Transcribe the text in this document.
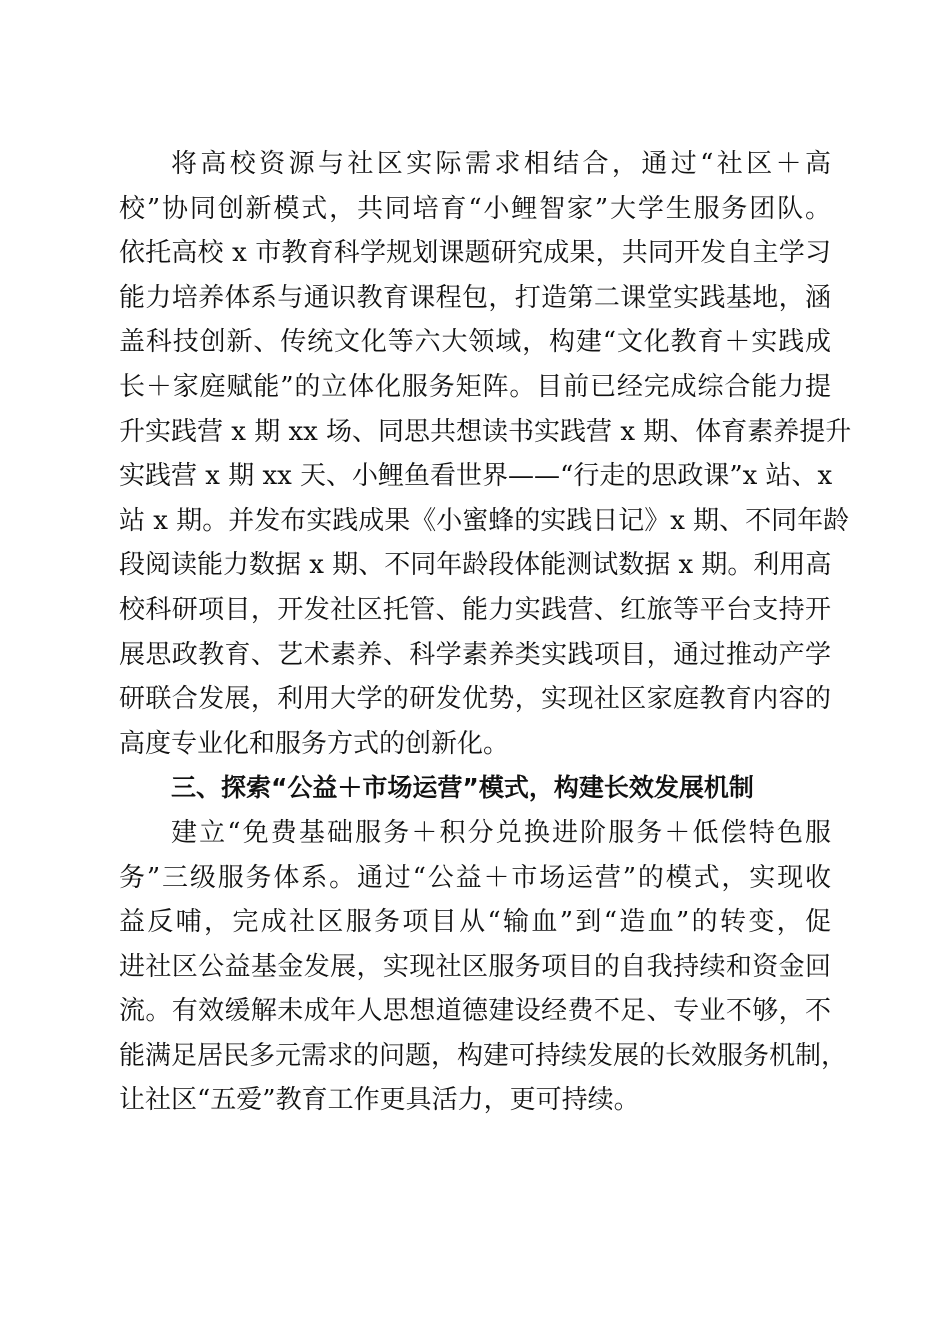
将高校资源与社区实际需求相结合，通过“社区＋高
校”协同创新模式，共同培育“小鲤智家”大学生服务团队。
依托高校 x 市教育科学规划课题研究成果，共同开发自主学习
能力培养体系与通识教育课程包，打造第二课堂实践基地，涵
盖科技创新、传统文化等六大领域，构建“文化教育＋实践成
长＋家庭赋能”的立体化服务矩阵。目前已经完成综合能力提
升实践营 x 期 xx 场、同思共想读书实践营 x 期、体育素养提升
实践营 x 期 xx 天、小鲤鱼看世界——“行走的思政课”x 站、x
站 x 期。并发布实践成果《小蜜蜂的实践日记》x 期、不同年龄
段阅读能力数据 x 期、不同年龄段体能测试数据 x 期。利用高
校科研项目，开发社区托管、能力实践营、红旅等平台支持开
展思政教育、艺术素养、科学素养类实践项目，通过推动产学
研联合发展，利用大学的研发优势，实现社区家庭教育内容的
高度专业化和服务方式的创新化。
三、探索“公益＋市场运营”模式，构建长效发展机制
建立“免费基础服务＋积分兑换进阶服务＋低偿特色服
务”三级服务体系。通过“公益＋市场运营”的模式，实现收
益反哺，完成社区服务项目从“输血”到“造血”的转变，促
进社区公益基金发展，实现社区服务项目的自我持续和资金回
流。有效缓解未成年人思想道德建设经费不足、专业不够，不
能满足居民多元需求的问题，构建可持续发展的长效服务机制，
让社区“五爱”教育工作更具活力，更可持续。
